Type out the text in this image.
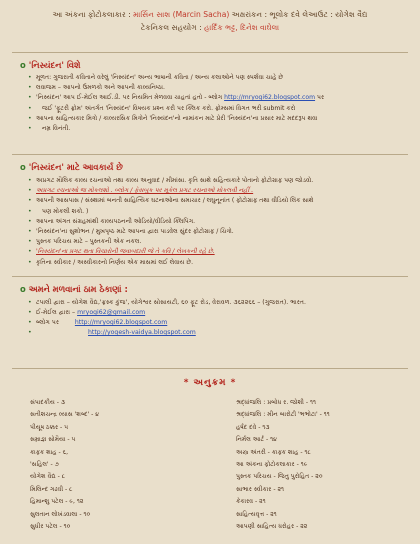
આ અંકના ફોટોકલાકાર : માર્સિન સાશ (Marcin Sacha) અક્ષરાંકન : ભૂલોક દવે લેઆઉટ : યોગેશ વૈદ્ય
ટેકનિકલ સહયોગ : હાર્દિક ભટ્ટ, દિનેશ વાઘેલા
o 'નિસ્યંદન' વિશે
• મૂળત: ગુજરાતી કવિતાને વરેલું 'નિસ્યંદન' અન્ય ભાષાની કવિતા / અન્ય કલાઓને પણ સ્પર્શવા ચાહે છે
• લવાજમ – આપનો ઉમળકો અને આપની કાવ્યનિષ્ઠા.
• 'નિસ્યંદન' આપ ઈ-મેઈલ આઈ.ડી. પર નિયમિત મેળવવા ચાહતાં હતો - બ્લોગ http://mryogi62.blogspot.com પર
• જઈ 'ફૂટરી ફ્રોમ' અંતર્ગત 'નિસ્યંદન' વિષયક પ્રશ્ન કરી પર ક્લિક કરો. ફ્રોમ્સમાં વિગત ભરી submit કરો
• આપના સાહિત્યકાર મિત્રો / કાવ્યરસિક મિત્રોને 'નિસ્યંદન'નો નામાંકન માટે પ્રેરી 'નિસ્યંદન'ના પ્રસાર માટે મદદરૂપ થવા
• નમ્ર વિનંતી.
o 'નિસ્યંદન' માટે આવકાર્ય છે
• અપ્રગટ મૌલિક કાવ્ય રચનાઓ તથા કાવ્ય અનુવાદ / મીમાંસા. કૃતિ સાથે સહિત્યકારે પોતાનો ફોટોગ્રાફ પણ જોડવો.
• અપ્રગટ રચનાઓ જ મોકલશો . બ્લોગ / ફેસબુક પર મૂકેલ પ્રગટ રચનાઓ મોકલવી નહીં .
• આપની આસપાસ / સંસ્થામાં બનતી સાહિત્યિક ઘટનાઓના સમાચાર / લઘુનૂનાંત ( ફોટોગ્રાફ તથા વીડિયો લિંક સાથે
• પણ મોકલી શકો. )
• આપના અંગત સંગ્રહમાંથી કાવ્યપઠનની ઓડિયો/વીડિયો ક્લિપિંગ.
• 'નિસ્યંદન'ના સુશોભન / મુખપૃષ્ઠ માટે આપના દ્વારા પાડવેલ સુંદર ફોટોગ્રાફ / ચિત્રો.
• પુસ્તક પરિચય માટે – પુસ્તકની એક નકલ.
• 'નિસ્યંદન'ના પ્રગટ થતા વિચારોની જવાબદારી જે તે કવિ / લેખકની રહે છે.
• કૃતિના સ્વીકાર / અસ્વીકારનો નિર્ણય એક માસમાં લઈ લેવાય છે.
o અમને મળવાનાં ઠામ ઠેકાણાં :
• ટપાલી દ્વારા – યોગેશ વૈદ્ય,'ફ્રસ્ક કુંજ', યોગેશ્વર સોસાયટી, ૬૦ ફૂટ રોડ, વેરાવળ. ૩૬૨૨૬૬ – (ગુજરાત). ભારત.
• ઈ-મેઈલ દ્વારા – mryogi62@gmail.com
• બ્લોગ પર	http://mryogi62.blogspot.com
• http://yogesh-vaidya.blogspot.com
* અનુક્રમ *
સંપાદકીય - ૩
સતીશચન્દ્ર વ્યાસ 'શબ્દ' - ૪
પીયૂષ ઠક્કર - ૫
સમ્રાજ્ઞ સોમૈયા - ૫
કાફ્ક શાહ - ૬,
'સહિલ' - ૭
યોગેશ વૈદ્ય - ૮
મિલિન્દ ગઢવી - ૮
હિમાન્શુ પટેલ - ૯, ૧૨
સુલતાન લોખંડવાલા - ૧૦
સુધીર પટેલ - ૧૦
શ્રદ્ધાંજલિ : પ્રબોધ ર. જોશી - ૧૧
શ્રદ્ધાંજલિ : મીન બારોટી 'ભભોટા' - ૧૧
હર્ષદ દવે - ૧૩
નિર્મલ આર્ટ - ૧૪
અસ્ત્ર અંતરી - કાફ્ક શાહ - ૧૮
આ અંકના ફોટોકલાકાર - ૧૯
પુસ્તક પરિચય - જિતુ પુરોહિત - ૨૦
સાભાર સ્વીકાર - ૨૧
કેકારવ - ૨૧
સાહિત્યવૃત્ત - ૨૧
આપણી સાહિત્ય ધરોહર - ૨૨
